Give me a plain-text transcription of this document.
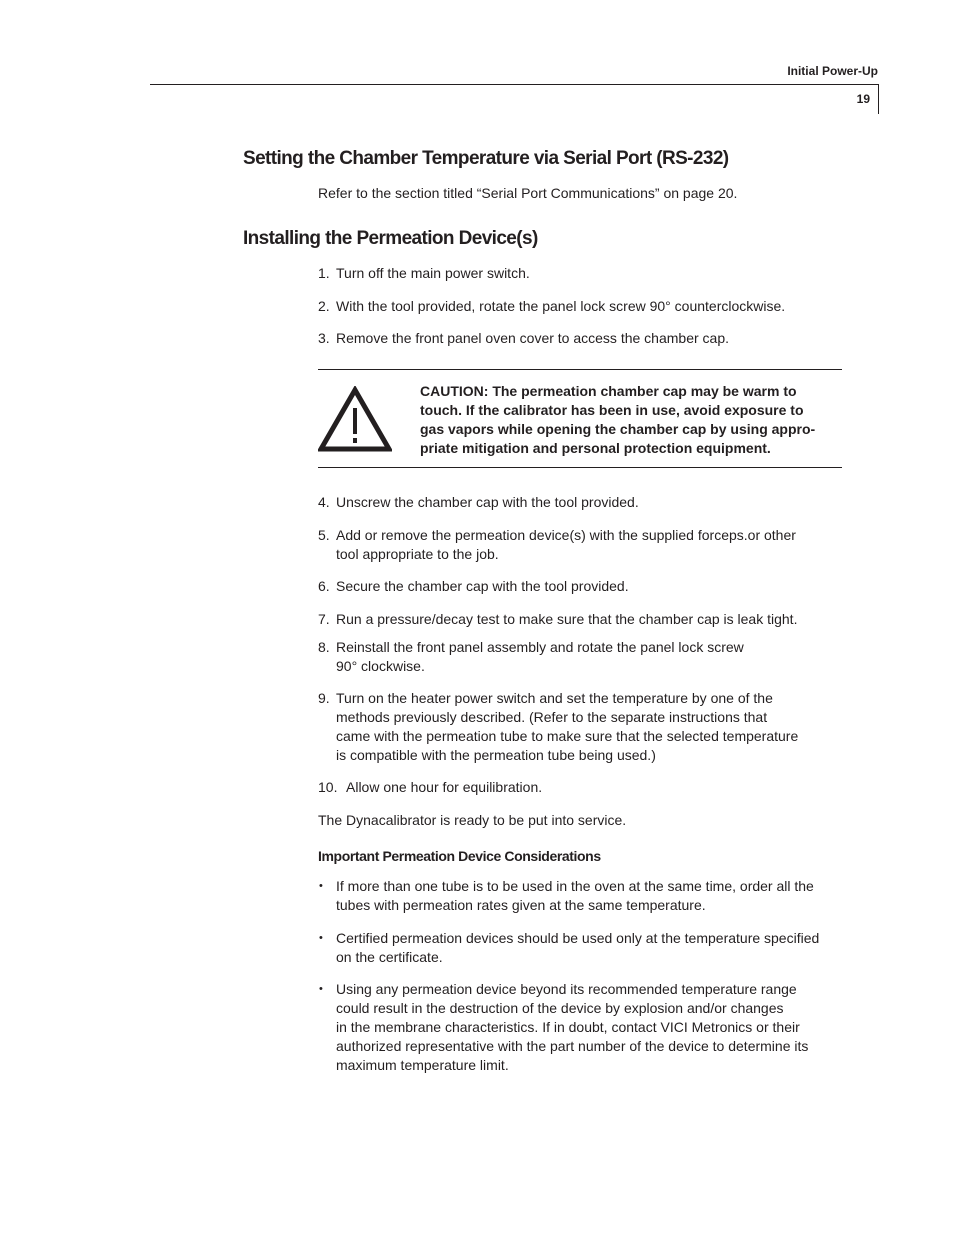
Initial Power-Up
19
Setting the Chamber Temperature via Serial Port (RS-232)
Refer to the section titled “Serial Port Communications” on page 20.
Installing the Permeation Device(s)
1. Turn off the main power switch.
2. With the tool provided, rotate the panel lock screw 90° counterclockwise.
3. Remove the front panel oven cover to access the chamber cap.
CAUTION: The permeation chamber cap may be warm to
touch. If the calibrator has been in use, avoid exposure to
gas vapors while opening the chamber cap by using appro-
priate mitigation and personal protection equipment.
4. Unscrew the chamber cap with the tool provided.
5. Add or remove the permeation device(s) with the supplied forceps.or other
tool appropriate to the job.
6. Secure the chamber cap with the tool provided.
7. Run a pressure/decay test to make sure that the chamber cap is leak tight.
8. Reinstall the front panel assembly and rotate the panel lock screw
90° clockwise.
9. Turn on the heater power switch and set the temperature by one of the
methods previously described. (Refer to the separate instructions that
came with the permeation tube to make sure that the selected temperature
is compatible with the permeation tube being used.)
10. Allow one hour for equilibration.
The Dynacalibrator is ready to be put into service.
Important Permeation Device Considerations
• If more than one tube is to be used in the oven at the same time, order all the
tubes with permeation rates given at the same temperature.
• Certified permeation devices should be used only at the temperature specified
on the certificate.
• Using any permeation device beyond its recommended temperature range
could result in the destruction of the device by explosion and/or changes
in the membrane characteristics. If in doubt, contact VICI Metronics or their
authorized representative with the part number of the device to determine its
maximum temperature limit.
